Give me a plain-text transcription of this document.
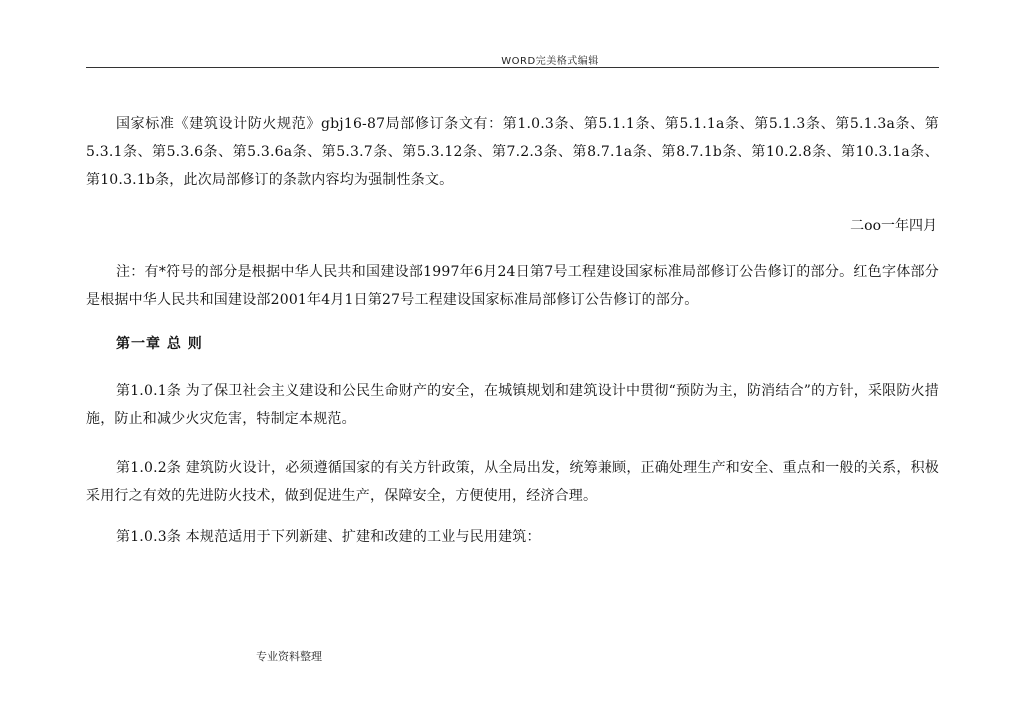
WORD完美格式编辑
国家标准《建筑设计防火规范》gbj16-87局部修订条文有：第1.0.3条、第5.1.1条、第5.1.1a条、第5.1.3条、第5.1.3a条、第5.3.1条、第5.3.6条、第5.3.6a条、第5.3.7条、第5.3.12条、第7.2.3条、第8.7.1a条、第8.7.1b条、第10.2.8条、第10.3.1a条、第10.3.1b条，此次局部修订的条款内容均为强制性条文。
二oo一年四月
注：有*符号的部分是根据中华人民共和国建设部1997年6月24日第7号工程建设国家标准局部修订公告修订的部分。红色字体部分是根据中华人民共和国建设部2001年4月1日第27号工程建设国家标准局部修订公告修订的部分。
第一章 总 则
第1.0.1条 为了保卫社会主义建设和公民生命财产的安全，在城镇规划和建筑设计中贯彻“预防为主，防消结合”的方针，采限防火措施，防止和减少火灾危害，特制定本规范。
第1.0.2条 建筑防火设计，必须遵循国家的有关方针政策，从全局出发，统筹兼顾，正确处理生产和安全、重点和一般的关系，积极采用行之有效的先进防火技术，做到促进生产，保障安全，方便使用，经济合理。
第1.0.3条 本规范适用于下列新建、扩建和改建的工业与民用建筑：
专业资料整理
